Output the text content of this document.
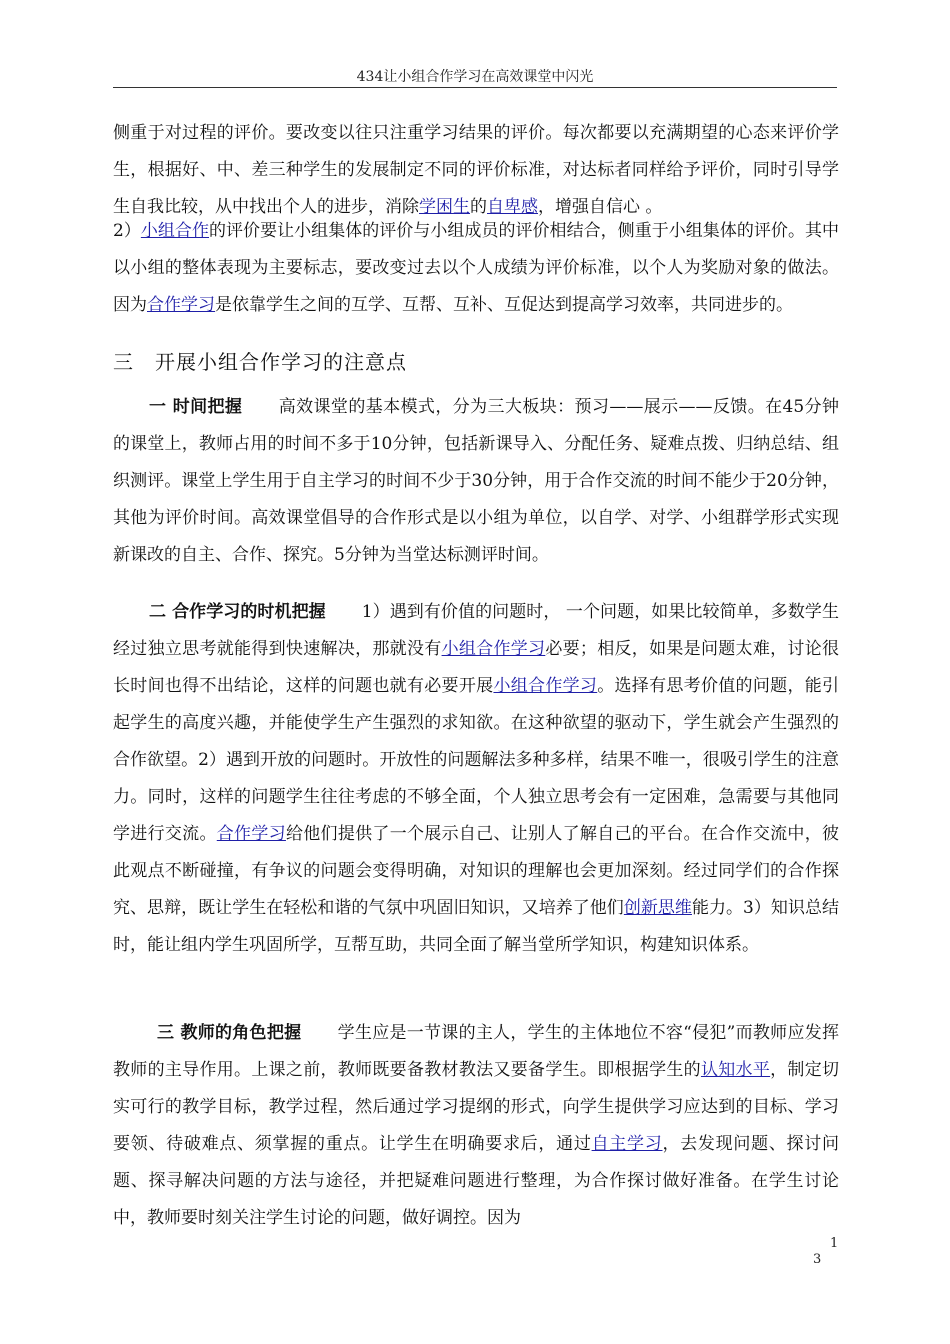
434让小组合作学习在高效课堂中闪光

侧重于对过程的评价。要改变以往只注重学习结果的评价。每次都要以充满期望的心态来评价学生，根据好、中、差三种学生的发展制定不同的评价标准，对达标者同样给予评价，同时引导学生自我比较，从中找出个人的进步，消除学困生的自卑感，增强自信心 。

2）小组合作的评价要让小组集体的评价与小组成员的评价相结合，侧重于小组集体的评价。其中以小组的整体表现为主要标志，要改变过去以个人成绩为评价标准，以个人为奖励对象的做法。因为合作学习是依靠学生之间的互学、互帮、互补、互促达到提高学习效率，共同进步的。

三　开展小组合作学习的注意点

一 时间把握 高效课堂的基本模式，分为三大板块：预习——展示——反馈。在45分钟的课堂上，教师占用的时间不多于10分钟，包括新课导入、分配任务、疑难点拨、归纳总结、组织测评。课堂上学生用于自主学习的时间不少于30分钟，用于合作交流的时间不能少于20分钟，其他为评价时间。高效课堂倡导的合作形式是以小组为单位，以自学、对学、小组群学形式实现新课改的自主、合作、探究。5分钟为当堂达标测评时间。

二 合作学习的时机把握 1）遇到有价值的问题时， 一个问题，如果比较简单，多数学生经过独立思考就能得到快速解决，那就没有小组合作学习必要；相反，如果是问题太难，讨论很长时间也得不出结论，这样的问题也就有必要开展小组合作学习。选择有思考价值的问题，能引起学生的高度兴趣，并能使学生产生强烈的求知欲。在这种欲望的驱动下，学生就会产生强烈的合作欲望。2）遇到开放的问题时。开放性的问题解法多种多样，结果不唯一，很吸引学生的注意力。同时，这样的问题学生往往考虑的不够全面，个人独立思考会有一定困难，急需要与其他同学进行交流。合作学习给他们提供了一个展示自己、让别人了解自己的平台。在合作交流中，彼此观点不断碰撞，有争议的问题会变得明确，对知识的理解也会更加深刻。经过同学们的合作探究、思辩，既让学生在轻松和谐的气氛中巩固旧知识，又培养了他们创新思维能力。3）知识总结时，能让组内学生巩固所学，互帮互助，共同全面了解当堂所学知识，构建知识体系。

三 教师的角色把握 学生应是一节课的主人，学生的主体地位不容“侵犯”而教师应发挥教师的主导作用。上课之前，教师既要备教材教法又要备学生。即根据学生的认知水平，制定切实可行的教学目标，教学过程，然后通过学习提纲的形式，向学生提供学习应达到的目标、学习要领、待破难点、须掌握的重点。让学生在明确要求后，通过自主学习，去发现问题、探讨问题、探寻解决问题的方法与途径，并把疑难问题进行整理，为合作探讨做好准备。在学生讨论中，教师要时刻关注学生讨论的问题，做好调控。因为

1
3
